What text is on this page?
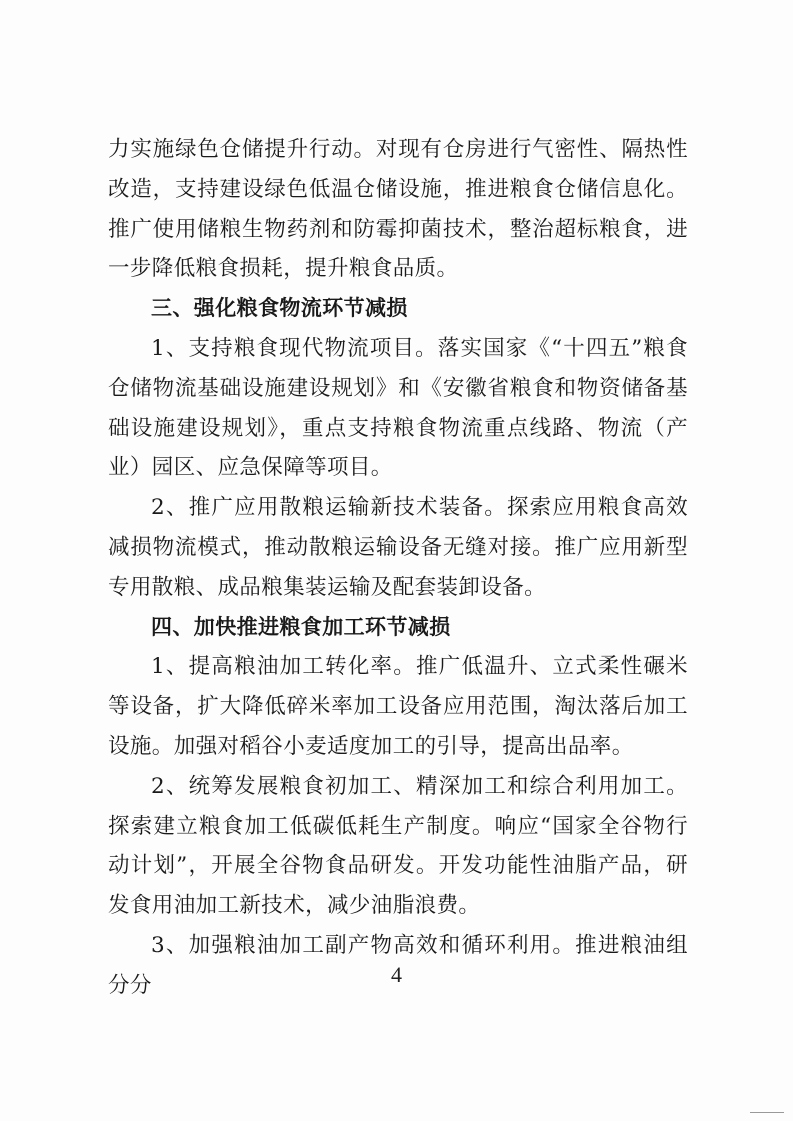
力实施绿色仓储提升行动。对现有仓房进行气密性、隔热性改造，支持建设绿色低温仓储设施，推进粮食仓储信息化。推广使用储粮生物药剂和防霉抑菌技术，整治超标粮食，进一步降低粮食损耗，提升粮食品质。

三、强化粮食物流环节减损

1、支持粮食现代物流项目。落实国家《“十四五”粮食仓储物流基础设施建设规划》和《安徽省粮食和物资储备基础设施建设规划》，重点支持粮食物流重点线路、物流（产业）园区、应急保障等项目。

2、推广应用散粮运输新技术装备。探索应用粮食高效减损物流模式，推动散粮运输设备无缝对接。推广应用新型专用散粮、成品粮集装运输及配套装卸设备。

四、加快推进粮食加工环节减损

1、提高粮油加工转化率。推广低温升、立式柔性碾米等设备，扩大降低碎米率加工设备应用范围，淘汰落后加工设施。加强对稻谷小麦适度加工的引导，提高出品率。

2、统筹发展粮食初加工、精深加工和综合利用加工。探索建立粮食加工低碳低耗生产制度。响应“国家全谷物行动计划”，开展全谷物食品研发。开发功能性油脂产品，研发食用油加工新技术，减少油脂浪费。

3、加强粮油加工副产物高效和循环利用。推进粮油组分分	4
